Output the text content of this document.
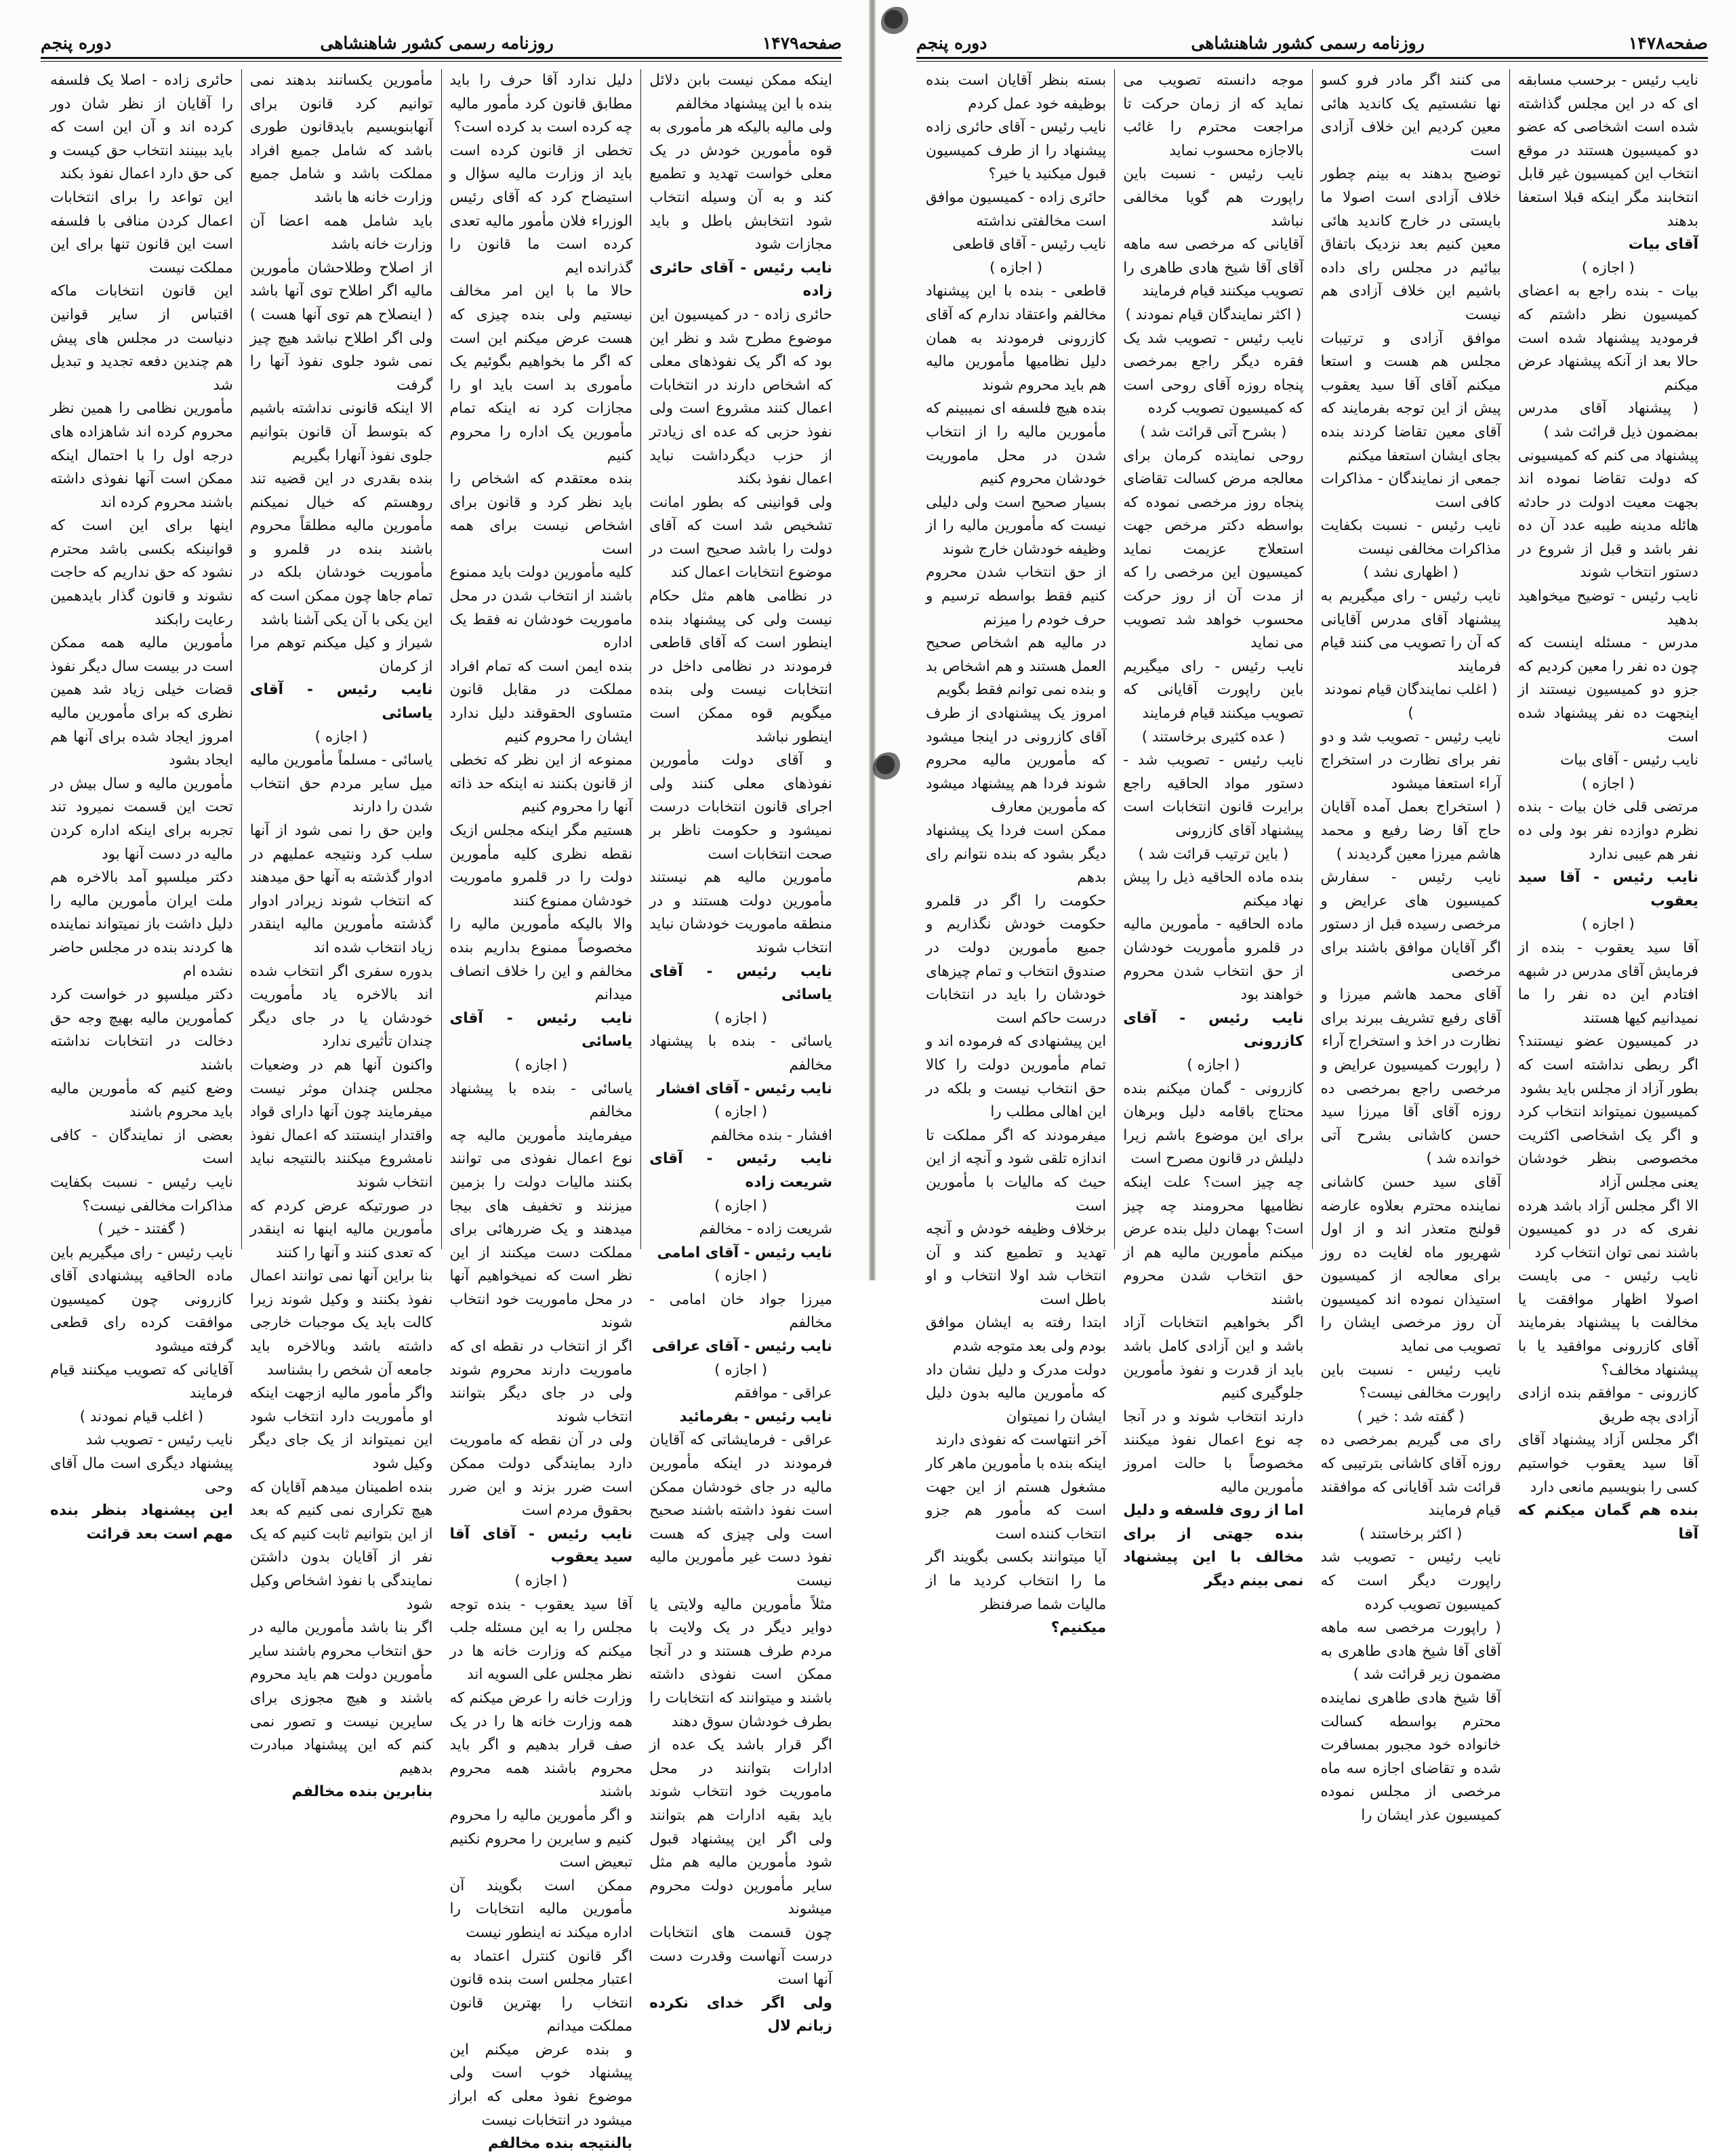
صفحه۱۴۷۹
روزنامه رسمی کشور شاهنشاهی
دوره پنجم
اینکه ممکن نیست بابن دلائل بنده با این پیشنهاد مخالفم
ولی مالیه بالیکه هر مأموری به قوه مأمورین خودش در یک معلی خواست تهدید و تطمیع کند و به آن وسیله انتخاب شود انتخابش باطل و باید مجازات شود
نایب رئیس - آقای حائری زاده
حائری زاده - در کمیسیون این موضوع مطرح شد و نظر این بود که اگر یک نفوذهای معلی که اشخاص دارند در انتخابات اعمال کنند مشروع است ولی نفوذ حزبی که عده ای زیادتر از حزب دیگرداشت نباید اعمال نفوذ بکند
ولی قوانینی که بطور امانت تشخیص شد است که آقای دولت را باشد صحیح است در موضوع انتخابات اعمال کند
در نظامی هاهم مثل حکام نیست ولی کی پیشنهاد بنده اینطور است که آقای قاطعی فرمودند در نظامی داخل در انتخابات نیست ولی بنده میگویم قوه ممکن است اینطور نباشد
و آقای دولت مأمورین نفوذهای معلی کنند ولی اجرای قانون انتخابات درست نمیشود و حکومت ناظر بر صحت انتخابات است
مأمورین مالیه هم نیستند مأمورین دولت هستند و در منطقه ماموریت خودشان نباید انتخاب شوند
نایب رئیس - آقای یاسائی
( اجازه )
یاسائی - بنده با پیشنهاد مخالفم
نایب رئیس - آقای افشار
( اجازه )
افشار - بنده مخالفم
نایب رئیس - آقای شریعت زاده
( اجازه )
شریعت زاده - مخالفم
نایب رئیس - آقای امامی
( اجازه )
میرزا جواد خان امامی - مخالفم
نایب رئیس - آقای عراقی
( اجازه )
عراقی - موافقم
نایب رئیس - بفرمائید
عراقی - فرمایشاتی که آقایان فرمودند در اینکه مأمورین مالیه در جای خودشان ممکن است نفوذ داشته باشند صحیح است ولی چیزی که هست نفوذ دست غیر مأمورین مالیه نیست
مثلاً مأمورین مالیه ولایتی یا دوایر دیگر در یک ولایت با مردم طرف هستند و در آنجا ممکن است نفوذی داشته باشند و میتوانند که انتخابات را بطرف خودشان سوق دهند
اگر قرار باشد یک عده از ادارات بتوانند در محل ماموریت خود انتخاب شوند باید بقیه ادارات هم بتوانند ولی اگر این پیشنهاد قبول شود مأمورین مالیه هم مثل سایر مأمورین دولت محروم میشوند
چون قسمت های انتخابات درست آنهاست وقدرت دست آنها است
ولی اگر خدای نکرده زبانم لال
دلیل ندارد آقا حرف را باید مطابق قانون کرد مأمور مالیه چه کرده است بد کرده است؟
تخطی از قانون کرده است باید از وزارت مالیه سؤال و استیضاح کرد که آقای رئیس الوزراء فلان مأمور مالیه تعدی کرده است ما قانون را گذرانده ایم
حالا ما با این امر مخالف نیستیم ولی بنده چیزی که هست عرض میکنم این است که اگر ما بخواهیم بگوئیم یک مأموری بد است باید او را مجازات کرد نه اینکه تمام مأمورین یک اداره را محروم کنیم
بنده معتقدم که اشخاص را باید نظر کرد و قانون برای اشخاص نیست برای همه است
کلیه مأمورین دولت باید ممنوع باشند از انتخاب شدن در محل ماموریت خودشان نه فقط یک اداره
بنده ایمن است که تمام افراد مملکت در مقابل قانون متساوی الحقوقند دلیل ندارد ایشان را محروم کنیم
ممنوعه از این نظر که تخطی از قانون بکنند نه اینکه حد ذاته آنها را محروم کنیم
هستیم مگر اینکه مجلس ازیک نقطه نظری کلیه مأمورین دولت را در قلمرو ماموریت خودشان ممنوع کنند
والا بالیکه مأمورین مالیه را مخصوصاً ممنوع بداریم بنده مخالفم و این را خلاف انصاف میدانم
نایب رئیس - آقای یاسائی
( اجازه )
یاسائی - بنده با پیشنهاد مخالفم
میفرمایند مأمورین مالیه چه نوع اعمال نفوذی می توانند بکنند مالیات دولت را بزمین میزنند و تخفیف های بیجا میدهند و یک ضررهائی برای مملکت دست میکنند از این نظر است که نمیخواهیم آنها در محل ماموریت خود انتخاب شوند
اگر از انتخاب در نقطه ای که ماموریت دارند محروم شوند ولی در جای دیگر بتوانند انتخاب شوند
ولی در آن نقطه که ماموریت دارد بمایندگی دولت ممکن است ضرر بزند و این ضرر بحقوق مردم است
نایب رئیس - آقای آقا سید یعقوب
( اجازه )
آقا سید یعقوب - بنده توجه مجلس را به این مسئله جلب میکنم که وزارت خانه ها در نظر مجلس علی السویه اند
وزارت خانه را عرض میکنم که همه وزارت خانه ها را در یک صف قرار بدهیم و اگر باید محروم باشند همه محروم باشند
و اگر مأمورین مالیه را محروم کنیم و سایرین را محروم نکنیم تبعیض است
ممکن است بگویند آن مأمورین مالیه انتخابات را اداره میکند نه اینطور نیست
اگر قانون کنترل اعتماد به اعتبار مجلس است بنده قانون انتخاب را بهترین قانون مملکت میدانم
و بنده عرض میکنم این پیشنهاد خوب است ولی موضوع نفوذ معلی که ابراز میشود در انتخابات نیست
بالنتیجه بنده مخالفم
مأمورین یکسانند بدهند نمی توانیم کرد قانون برای آنهابنویسیم بایدقانون طوری باشد که شامل جمیع افراد مملکت باشد و شامل جمیع وزارت خانه ها باشد
باید شامل همه اعضا آن وزارت خانه باشد
از اصلاح وطلاحشان مأمورین مالیه اگر اطلاح توی آنها باشد ( اینصلاح هم توی آنها هست ) ولی اگر اطلاح نباشد هیچ چیز نمی شود جلوی نفوذ آنها را گرفت
الا اینکه قانونی نداشته باشیم که بتوسط آن قانون بتوانیم جلوی نفوذ آنهارا بگیریم
بنده بقدری در این قضیه تند روهستم که خیال نمیکنم مأمورین مالیه مطلقاً محروم باشند بنده در قلمرو و مأموریت خودشان بلکه در تمام جاها چون ممکن است که این یکی با آن یکی آشنا باشد
شیراز و کیل میکنم توهم مرا از کرمان
نایب رئیس - آقای یاسائی
( اجازه )
یاسائی - مسلماً مأمورین مالیه میل سایر مردم حق انتخاب شدن را دارند
واین حق را نمی شود از آنها سلب کرد ونتیجه عملیهم در ادوار گذشته به آنها حق میدهند که انتخاب شوند زیرادر ادوار گذشته مأمورین مالیه اینقدر زیاد انتخاب شده اند
بدوره سفری اگر انتخاب شده اند بالاخره یاد مأموریت خودشان یا در جای دیگر چندان تأثیری ندارد
واکنون آنها هم در وضعیات مجلس چندان موثر نیست میفرمایند چون آنها دارای قواد واقتدار اینستند که اعمال نفوذ نامشروع میکنند بالنتیجه نباید انتخاب شوند
در صورتیکه عرض کردم که مأمورین مالیه اینها نه اینقدر که تعدی کنند و آنها را کنند
بنا براین آنها نمی توانند اعمال نفوذ بکنند و وکیل شوند زیرا کالت باید یک موجبات خارجی داشته باشد وبالاخره باید جامعه آن شخص را بشناسد
واگر مأمور مالیه ازجهت اینکه او مأموریت دارد انتخاب شود این نمیتواند از یک جای دیگر وکیل شود
بنده اطمینان میدهم آقایان که هیچ تکراری نمی کنیم که بعد از این بتوانیم ثابت کنیم که یک نفر از آقایان بدون داشتن نمایندگی با نفوذ اشخاص وکیل شود
اگر بنا باشد مأمورین مالیه در حق انتخاب محروم باشند سایر مأمورین دولت هم باید محروم باشند و هیچ مجوزی برای سایرین نیست و تصور نمی کنم که این پیشنهاد مبادرت بدهیم
بنابرین بنده مخالفم
حائری زاده - اصلا یک فلسفه را آقایان از نظر شان دور کرده اند و آن این است که باید ببینند انتخاب حق کیست و کی حق دارد اعمال نفوذ بکند
این تواعد را برای انتخابات اعمال کردن منافی با فلسفه است این قانون تنها برای این مملکت نیست
این قانون انتخابات ماکه اقتباس از سایر قوانین دنیاست در مجلس های پیش هم چندین دفعه تجدید و تبدیل شد
مأمورین نظامی را همین نظر محروم کرده اند شاهزاده های درجه اول را با احتمال اینکه ممکن است آنها نفوذی داشته باشند محروم کرده اند
اینها برای این است که قوانینکه بکسی باشد محترم نشود که حق نداریم که حاجت نشوند و قانون گذار بایدهمین رعایت رابکند
مأمورین مالیه همه ممکن است در بیست سال دیگر نفوذ قضات خیلی زیاد شد همین نظری که برای مأمورین مالیه امروز ایجاد شده برای آنها هم ایجاد بشود
مأمورین مالیه و سال بیش در تحت این قسمت نمیرود تند تجربه برای اینکه اداره کردن مالیه در دست آنها بود
دکتر میلسپو آمد بالاخره هم ملت ایران مأمورین مالیه را دلیل داشت باز نمیتواند نماینده ها کردند بنده در مجلس حاضر نشده ام
دکتر میلسپو در خواست کرد کمأمورین مالیه بهیچ وجه حق دخالت در انتخابات نداشته باشند
وضع کنیم که مأمورین مالیه باید محروم باشند
بعضی از نمایندگان - کافی است
نایب رئیس - نسبت بکفایت مذاکرات مخالفی نیست؟
( گفتند - خیر )
نایب رئیس - رای میگیریم باین ماده الحاقیه پیشنهادی آقای کازرونی چون کمیسیون موافقت کرده رای قطعی گرفته میشود
آقایانی که تصویب میکنند قیام فرمایند
( اغلب قیام نمودند )
نایب رئیس - تصویب شد
پیشنهاد دیگری است مال آقای وحی
این پیشنهاد بنظر بنده مهم است بعد قرائت
صفحه۱۴۷۸
روزنامه رسمی کشور شاهنشاهی
دوره پنجم
نایب رئیس - برحسب مسابقه ای که در این مجلس گذاشته شده است اشخاصی که عضو دو کمیسیون هستند در موقع انتخاب این کمیسیون غیر قابل انتخابند مگر اینکه قبلا استعفا بدهند
آقای بیات
( اجازه )
بیات - بنده راجع به اعضای کمیسیون نظر داشتم که فرمودید پیشنهاد شده است حالا بعد از آنکه پیشنهاد عرض میکنم
( پیشنهاد آقای مدرس بمضمون ذیل قرائت شد )
پیشنهاد می کنم که کمیسیونی که دولت تقاضا نموده اند بجهت معیت ادولت در حادثه هائله مدینه طیبه عدد آن ده نفر باشد و قبل از شروع در دستور انتخاب شوند
نایب رئیس - توضیح میخواهید بدهید
مدرس - مسئله اینست که چون ده نفر را معین کردیم که جزو دو کمیسیون نیستند از اینجهت ده نفر پیشنهاد شده است
نایب رئیس - آقای بیات
( اجازه )
مرتضی قلی خان بیات - بنده نظرم دوازده نفر بود ولی ده نفر هم عیبی ندارد
نایب رئیس - آقا سید یعقوب
( اجازه )
آقا سید یعقوب - بنده از فرمایش آقای مدرس در شبهه افتادم این ده نفر را ما نمیدانیم کیها هستند
در کمیسیون عضو نیستند؟ اگر ربطی نداشته است که بطور آزاد از مجلس باید بشود
کمیسیون نمیتواند انتخاب کرد و اگر یک اشخاصی اکثریت مخصوصی بنظر خودشان یعنی مجلس آزاد
الا اگر مجلس آزاد باشد هرده نفری که در دو کمیسیون باشند نمی توان انتخاب کرد
نایب رئیس - می بایست اصولا اظهار موافقت یا مخالفت با پیشنهاد بفرمایند آقای کازرونی موافقید یا با پیشنهاد مخالف؟
کازرونی - موافقم بنده ازادی آزادی بچه طریق
اگر مجلس آزاد پیشنهاد آقای آقا سید یعقوب خواستیم کسی را بنویسیم مانعی دارد
بنده هم گمان میکنم که آقا
می کنند اگر مادر فرو کسو نها نشستیم یک کاندید هائی معین کردیم این خلاف آزادی است
توضیح بدهند به بینم چطور خلاف آزادی است اصولا ما بایستی در خارج کاندید هائی معین کنیم بعد نزدیک باتفاق بیائیم در مجلس رای داده باشیم این خلاف آزادی هم نیست
موافق آزادی و ترتیبات مجلس هم هست و استعا میکنم آقای آقا سید یعقوب پیش از این توجه بفرمایند که آقای معین تقاضا کردند بنده بجای ایشان استعفا میکنم
جمعی از نمایندگان - مذاکرات کافی است
نایب رئیس - نسبت بکفایت مذاکرات مخالفی نیست
( اظهاری نشد )
نایب رئیس - رای میگیریم به پیشنهاد آقای مدرس آقایانی که آن را تصویب می کنند قیام فرمایند
( اغلب نمایندگان قیام نمودند )
نایب رئیس - تصویب شد و دو نفر برای نظارت در استخراج آراء استعفا میشود
( استخراج بعمل آمده آقایان حاج آقا رضا رفیع و محمد هاشم میرزا معین گردیدند )
نایب رئیس - سفارش کمیسیون های عرایض و مرخصی رسیده قبل از دستور اگر آقایان موافق باشند برای مرخصی
آقای محمد هاشم میرزا و آقای رفیع تشریف ببرند برای نظارت در اخذ و استخراج آراء
( راپورت کمیسیون عرایض و مرخصی راجع بمرخصی ده روزه آقای آقا میرزا سید حسن کاشانی بشرح آتی خوانده شد )
آقای سید حسن کاشانی نماینده محترم بعلاوه عارضه قولنج متعذر اند و از اول شهریور ماه لغایت ده روز برای معالجه از کمیسیون استیذان نموده اند کمیسیون آن روز مرخصی ایشان را تصویب می نماید
نایب رئیس - نسبت باین راپورت مخالفی نیست؟
( گفته شد : خیر )
رای می گیریم بمرخصی ده روزه آقای کاشانی بترتیبی که قرائت شد آقایانی که موافقند قیام فرمایند
( اکثر برخاستند )
نایب رئیس - تصویب شد راپورت دیگر است که کمیسیون تصویب کرده
( راپورت مرخصی سه ماهه آقای آقا شیخ هادی طاهری به مضمون زیر قرائت شد )
آقا شیخ هادی طاهری نماینده محترم بواسطه کسالت خانواده خود مجبور بمسافرت شده و تقاضای اجازه سه ماه مرخصی از مجلس نموده کمیسیون عذر ایشان را
موجه دانسته تصویب می نماید که از زمان حرکت تا مراجعت محترم را غائب بالاجازه محسوب نماید
نایب رئیس - نسبت باین راپورت هم گویا مخالفی نباشد
آقایانی که مرخصی سه ماهه آقای آقا شیخ هادی طاهری را تصویب میکنند قیام فرمایند
( اکثر نمایندگان قیام نمودند )
نایب رئیس - تصویب شد یک فقره دیگر راجع بمرخصی پنجاه روزه آقای روحی است که کمیسیون تصویب کرده
( بشرح آتی قرائت شد )
روحی نماینده کرمان برای معالجه مرض کسالت تقاضای پنجاه روز مرخصی نموده که بواسطه دکتر مرخص جهت استعلاج عزیمت نماید کمیسیون این مرخصی را که از مدت آن از روز حرکت محسوب خواهد شد تصویب می نماید
نایب رئیس - رای میگیریم باین راپورت آقایانی که تصویب میکنند قیام فرمایند
( عده کثیری برخاستند )
نایب رئیس - تصویب شد - دستور مواد الحاقیه راجع برایرت قانون انتخابات است پیشنهاد آقای کازرونی
( باین ترتیب قرائت شد )
بنده ماده الحاقیه ذیل را پیش نهاد میکنم
ماده الحاقیه - مأمورین مالیه در قلمرو مأموریت خودشان از حق انتخاب شدن محروم خواهند بود
نایب رئیس - آقای کازرونی
( اجازه )
کازرونی - گمان میکنم بنده محتاج باقامه دلیل وبرهان برای این موضوع باشم زیرا دلیلش در قانون مصرح است
چه چیز است؟ علت اینکه نظامیها محرومند چه چیز است؟ بهمان دلیل بنده عرض میکنم مأمورین مالیه هم از حق انتخاب شدن محروم باشند
اگر بخواهیم انتخابات آزاد باشد و این آزادی کامل باشد باید از قدرت و نفوذ مأمورین جلوگیری کنیم
دارند انتخاب شوند و در آنجا چه نوع اعمال نفوذ میکنند مخصوصاً با حالت امروز مأمورین مالیه
اما از روی فلسفه و دلیل بنده جهتی از برای مخالف با این پیشنهاد نمی بینم دیگر
بسته بنظر آقایان است بنده بوظیفه خود عمل کردم
نایب رئیس - آقای حائری زاده پیشنهاد را از طرف کمیسیون قبول میکنید یا خیر؟
حائری زاده - کمیسیون موافق است مخالفتی نداشته
نایب رئیس - آقای قاطعی
( اجازه )
قاطعی - بنده با این پیشنهاد مخالفم واعتقاد ندارم که آقای کازرونی فرمودند به همان دلیل نظامیها مأمورین مالیه هم باید محروم شوند
بنده هیچ فلسفه ای نمیبینم که مأمورین مالیه را از انتخاب شدن در محل ماموریت خودشان محروم کنیم
بسیار صحیح است ولی دلیلی نیست که مأمورین مالیه را از وظیفه خودشان خارج شوند
از حق انتخاب شدن محروم کنیم فقط بواسطه ترسیم و حرف خودم را میزنم
در مالیه هم اشخاص صحیح العمل هستند و هم اشخاص بد و بنده نمی توانم فقط بگویم
امروز یک پیشنهادی از طرف آقای کازرونی در اینجا میشود که مأمورین مالیه محروم شوند فردا هم پیشنهاد میشود که مأمورین معارف
ممکن است فردا یک پیشنهاد دیگر بشود که بنده نتوانم رای بدهم
حکومت را اگر در قلمرو حکومت خودش نگذاریم و جمیع مأمورین دولت در صندوق انتخاب و تمام چیزهای خودشان را باید در انتخابات درست حاکم است
این پیشنهادی که فرموده اند و تمام مأمورین دولت را کالا حق انتخاب نیست و بلکه در این اهالی مطلب را
میفرمودند که اگر مملکت تا اندازه تلقی شود و آنچه از این حیث که مالیات با مأمورین است
برخلاف وظیفه خودش و آنچه تهدید و تطمیع کند و آن انتخاب شد اولا انتخاب و او باطل است
ابتدا رفته به ایشان موافق بودم ولی بعد متوجه شدم
دولت مدرک و دلیل نشان داد که مأمورین مالیه بدون دلیل ایشان را نمیتوان
آخر انتهاست که نفوذی دارند
اینکه بنده با مأمورین ماهر کار مشغول هستم از این جهت است که مأمور هم جزو انتخاب کننده است
آیا میتوانند بکسی بگویند اگر ما را انتخاب کردید ما از مالیات شما صرفنظر
میکنیم؟
